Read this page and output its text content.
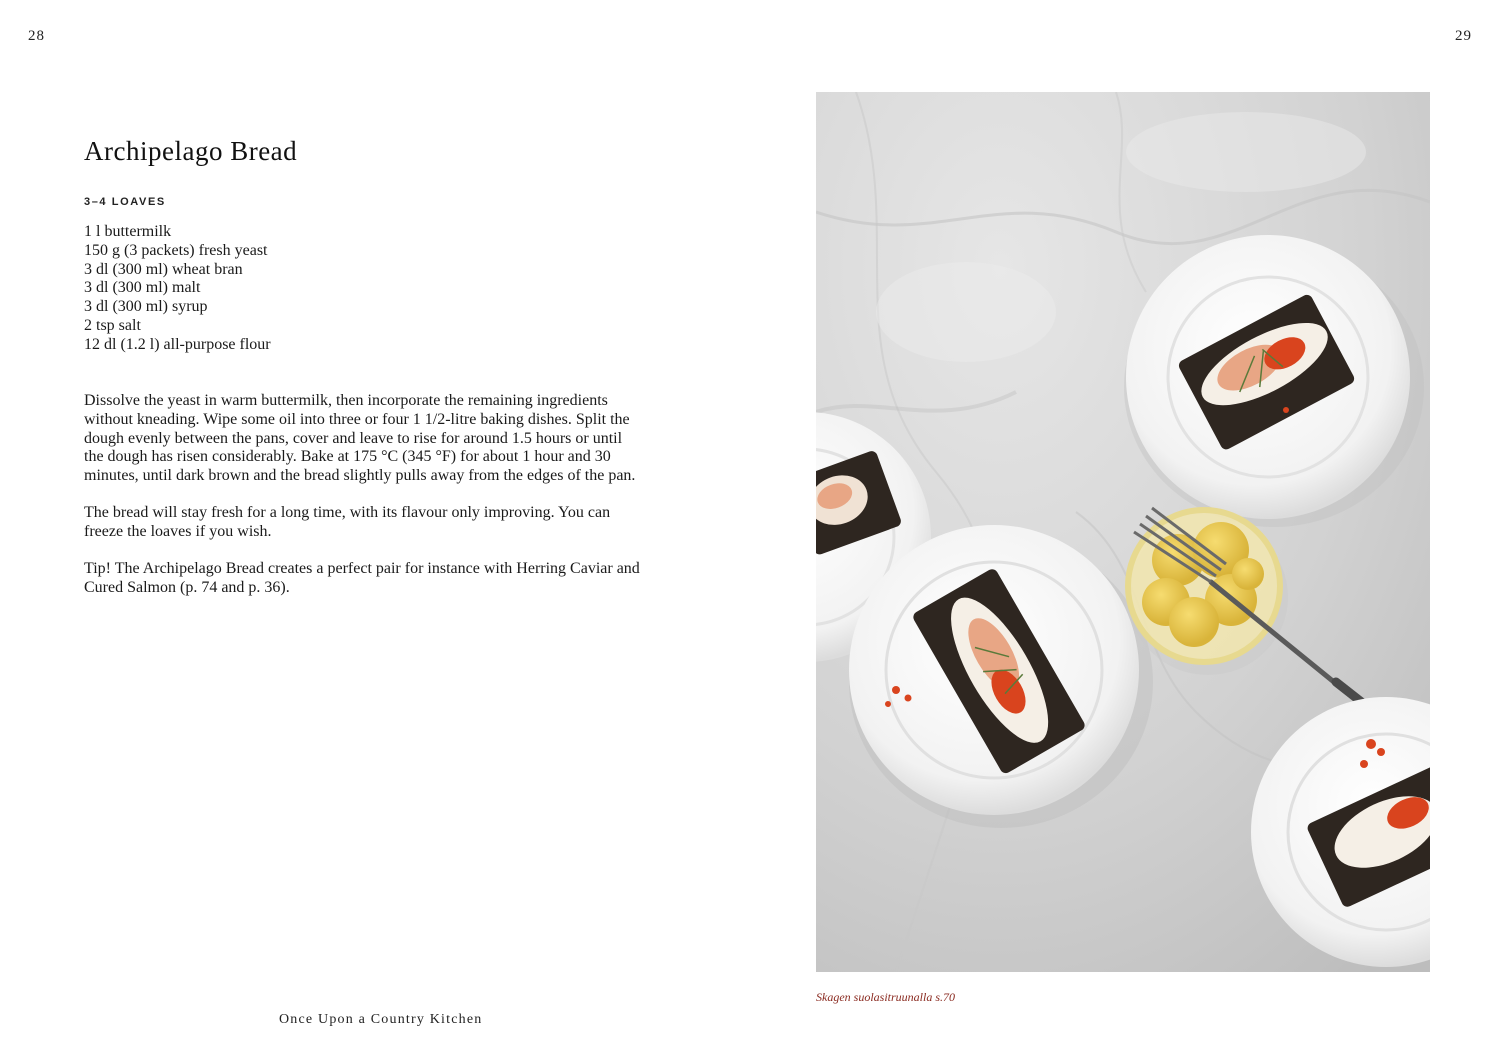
28	29
Archipelago Bread
3–4 LOAVES
1 l buttermilk
150 g (3 packets) fresh yeast
3 dl (300 ml) wheat bran
3 dl (300 ml) malt
3 dl (300 ml) syrup
2 tsp salt
12 dl (1.2 l) all-purpose flour

Dissolve the yeast in warm buttermilk, then incorporate the remaining ingredients without kneading. Wipe some oil into three or four 1 1/2-litre baking dishes. Split the dough evenly between the pans, cover and leave to rise for around 1.5 hours or until the dough has risen considerably. Bake at 175 °C (345 °F) for about 1 hour and 30 minutes, until dark brown and the bread slightly pulls away from the edges of the pan.

The bread will stay fresh for a long time, with its flavour only improving. You can freeze the loaves if you wish.

Tip! The Archipelago Bread creates a perfect pair for instance with Herring Caviar and Cured Salmon (p. 74 and p. 36).

Once Upon a Country Kitchen
Skagen suolasitruunalla s.70
